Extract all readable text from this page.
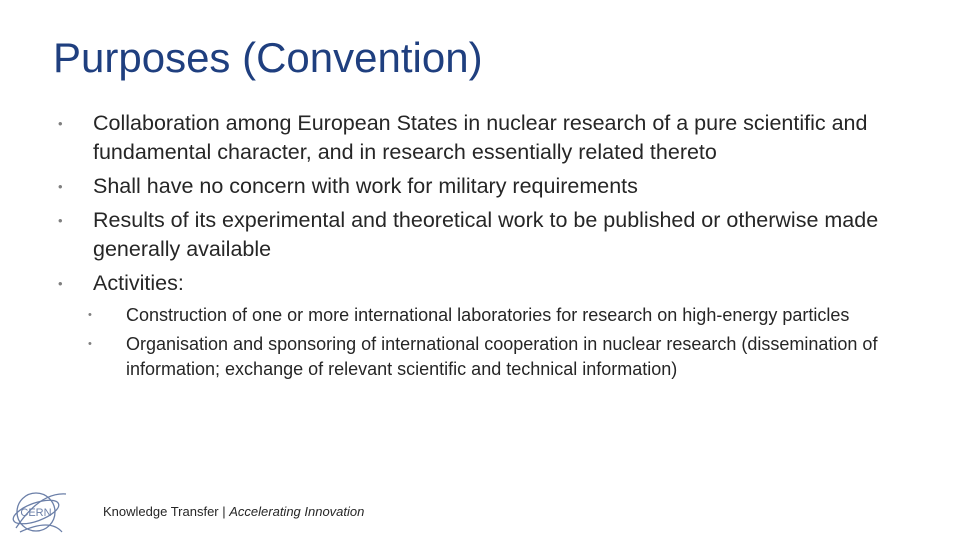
Purposes (Convention)
• Collaboration among European States in nuclear research of a pure scientific and fundamental character, and in research essentially related thereto
• Shall have no concern with work for military requirements
• Results of its experimental and theoretical work to be published or otherwise made generally available
• Activities:
• Construction of one or more international laboratories for research on high-energy particles
• Organisation and sponsoring of international cooperation in nuclear research (dissemination of information; exchange of relevant scientific and technical information)
CERN	Knowledge Transfer | Accelerating Innovation
